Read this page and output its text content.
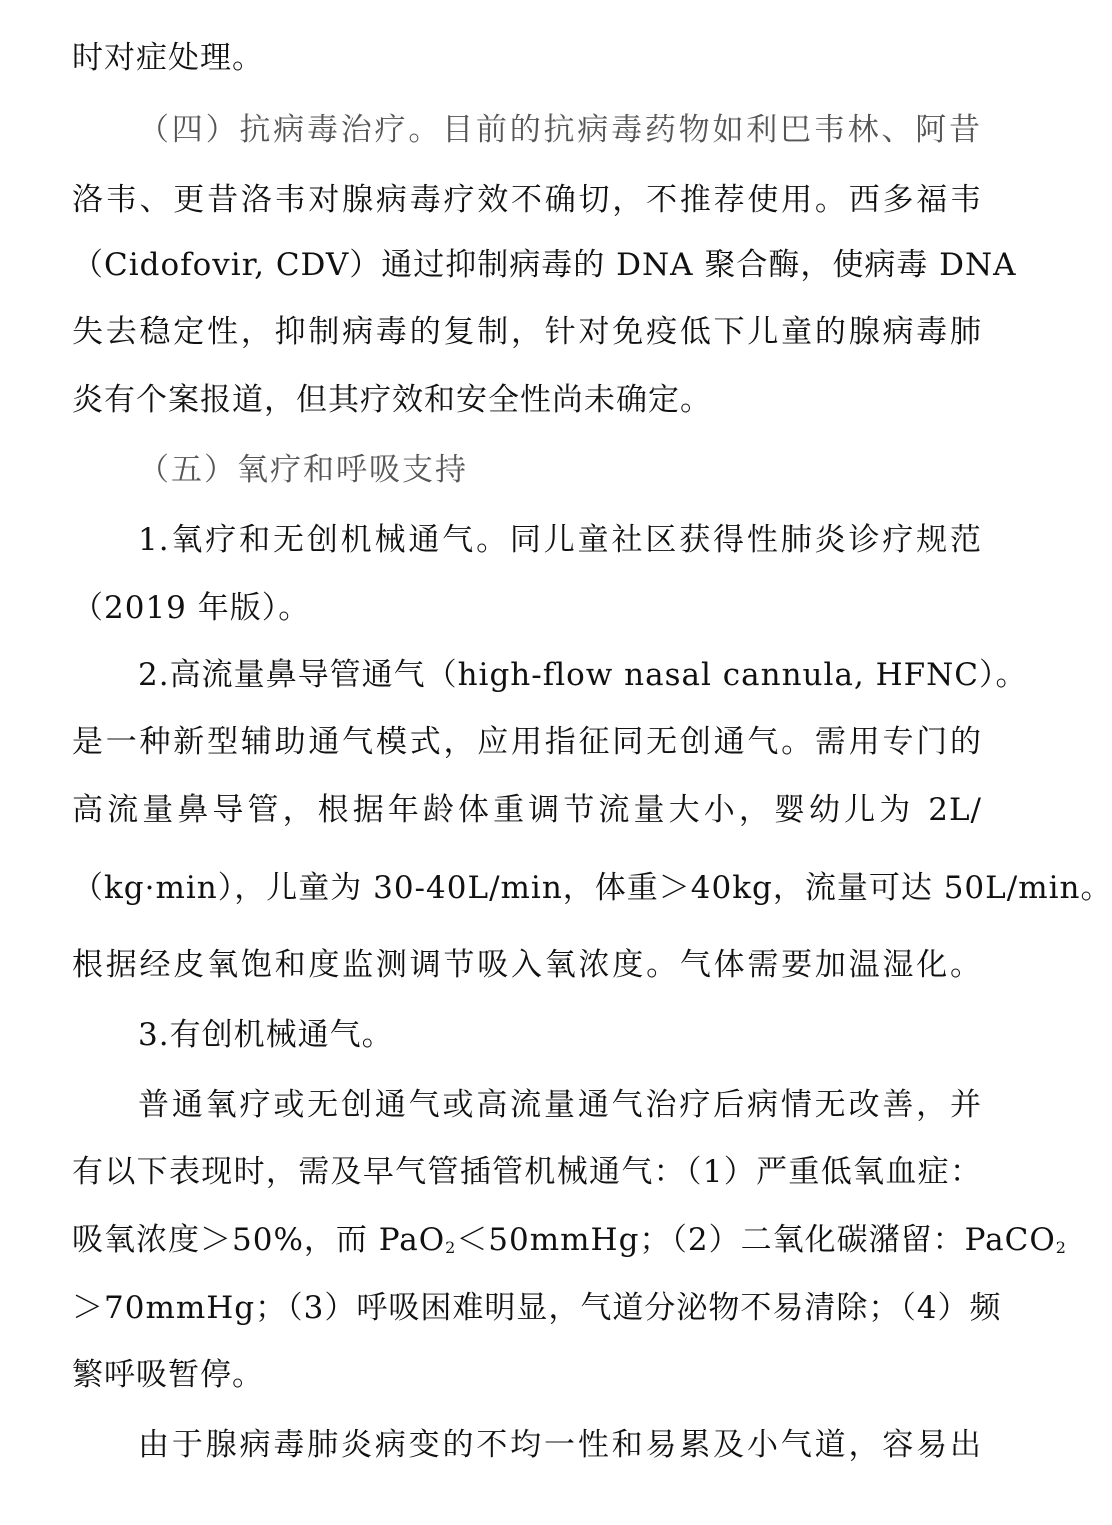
时对症处理。
（四）抗病毒治疗。目前的抗病毒药物如利巴韦林、阿昔
洛韦、更昔洛韦对腺病毒疗效不确切，不推荐使用。西多福韦
（Cidofovir, CDV）通过抑制病毒的 DNA 聚合酶，使病毒 DNA
失去稳定性，抑制病毒的复制，针对免疫低下儿童的腺病毒肺
炎有个案报道，但其疗效和安全性尚未确定。
（五）氧疗和呼吸支持
1.氧疗和无创机械通气。同儿童社区获得性肺炎诊疗规范
（2019 年版）。
2.高流量鼻导管通气（high-flow nasal cannula, HFNC）。
是一种新型辅助通气模式，应用指征同无创通气。需用专门的
高流量鼻导管，根据年龄体重调节流量大小，婴幼儿为 2L/
（kg·min），儿童为 30-40L/min，体重＞40kg，流量可达 50L/min。
根据经皮氧饱和度监测调节吸入氧浓度。气体需要加温湿化。
3.有创机械通气。
普通氧疗或无创通气或高流量通气治疗后病情无改善，并
有以下表现时，需及早气管插管机械通气：（1）严重低氧血症：
吸氧浓度＞50%，而 PaO$_2$＜50mmHg；（2）二氧化碳潴留：PaCO$_2$
＞70mmHg；（3）呼吸困难明显，气道分泌物不易清除；（4）频
繁呼吸暂停。
由于腺病毒肺炎病变的不均一性和易累及小气道，容易出
